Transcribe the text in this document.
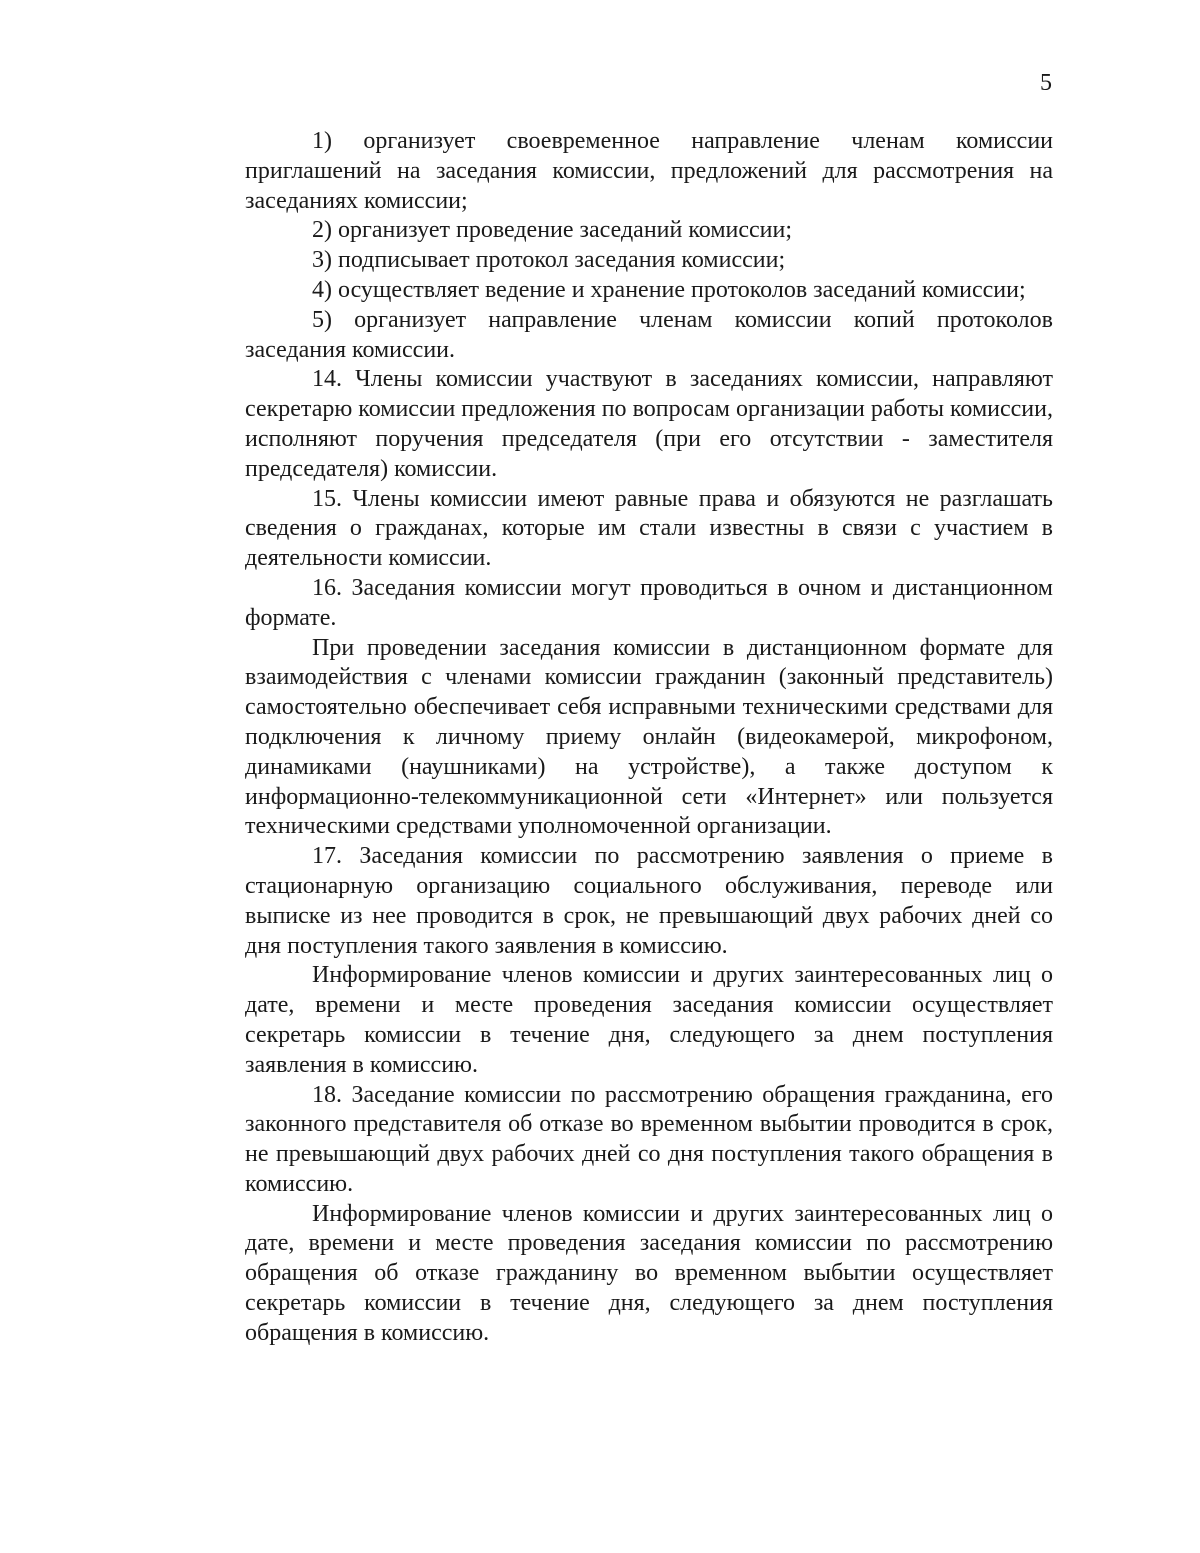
5

1) организует своевременное направление членам комиссии приглашений на заседания комиссии, предложений для рассмотрения на заседаниях комиссии;

2) организует проведение заседаний комиссии;

3) подписывает протокол заседания комиссии;

4) осуществляет ведение и хранение протоколов заседаний комиссии;

5) организует направление членам комиссии копий протоколов заседания комиссии.

14. Члены комиссии участвуют в заседаниях комиссии, направляют секретарю комиссии предложения по вопросам организации работы комиссии, исполняют поручения председателя (при его отсутствии - заместителя председателя) комиссии.

15. Члены комиссии имеют равные права и обязуются не разглашать сведения о гражданах, которые им стали известны в связи с участием в деятельности комиссии.

16. Заседания комиссии могут проводиться в очном и дистанционном формате.

При проведении заседания комиссии в дистанционном формате для взаимодействия с членами комиссии гражданин (законный представитель) самостоятельно обеспечивает себя исправными техническими средствами для подключения к личному приему онлайн (видеокамерой, микрофоном, динамиками (наушниками) на устройстве), а также доступом к информационно-телекоммуникационной сети «Интернет» или пользуется техническими средствами уполномоченной организации.

17. Заседания комиссии по рассмотрению заявления о приеме в стационарную организацию социального обслуживания, переводе или выписке из нее проводится в срок, не превышающий двух рабочих дней со дня поступления такого заявления в комиссию.

Информирование членов комиссии и других заинтересованных лиц о дате, времени и месте проведения заседания комиссии осуществляет секретарь комиссии в течение дня, следующего за днем поступления заявления в комиссию.

18. Заседание комиссии по рассмотрению обращения гражданина, его законного представителя об отказе во временном выбытии проводится в срок, не превышающий двух рабочих дней со дня поступления такого обращения в комиссию.

Информирование членов комиссии и других заинтересованных лиц о дате, времени и месте проведения заседания комиссии по рассмотрению обращения об отказе гражданину во временном выбытии осуществляет секретарь комиссии в течение дня, следующего за днем поступления обращения в комиссию.
